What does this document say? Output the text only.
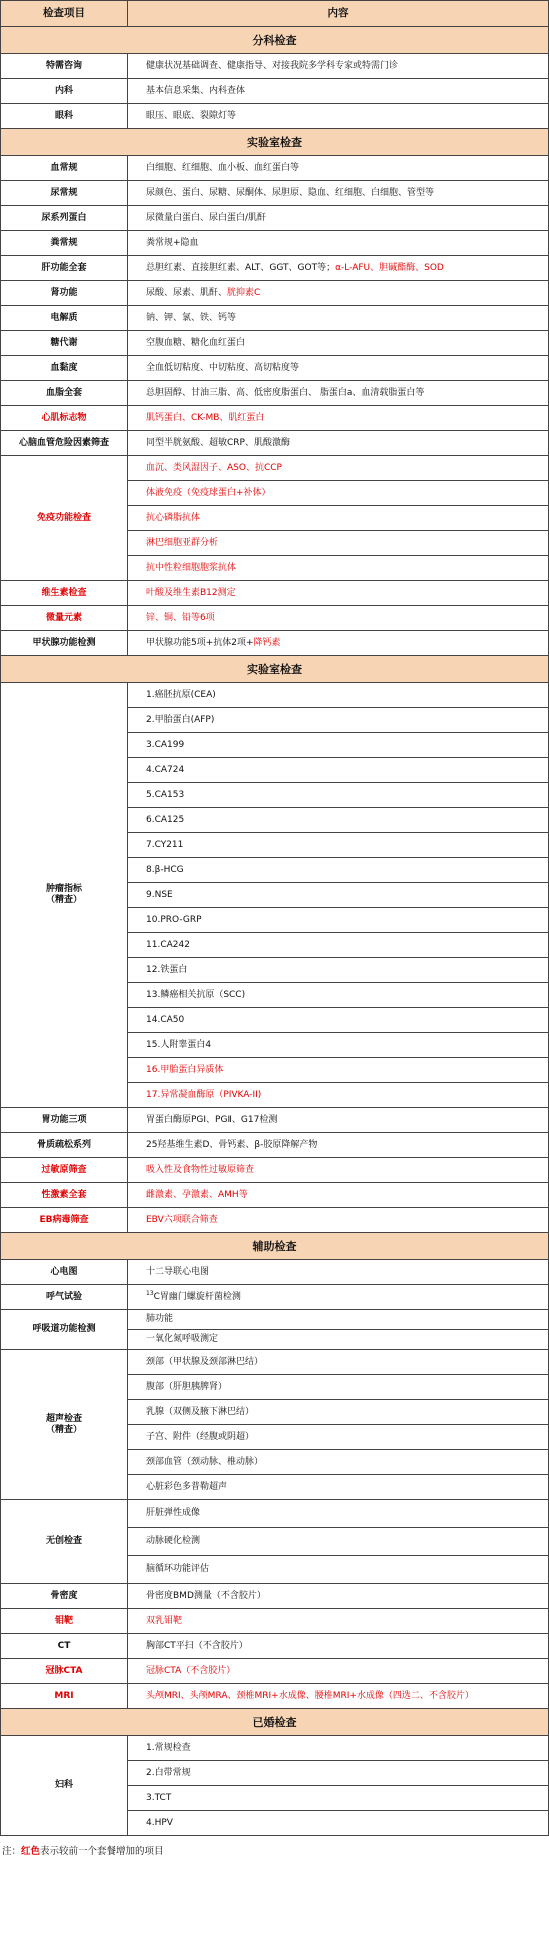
检查项目	内容
分科检查	
特需咨询	健康状况基础调查、健康指导、对接我院多学科专家或特需门诊
内科	基本信息采集、内科查体
眼科	眼压、眼底、裂隙灯等
实验室检查	
血常规	白细胞、红细胞、血小板、血红蛋白等
尿常规	尿颜色、蛋白、尿糖、尿酮体、尿胆原、隐血、红细胞、白细胞、管型等
尿系列蛋白	尿微量白蛋白、尿白蛋白/肌酐
粪常规	粪常规+隐血
肝功能全套	总胆红素、直接胆红素、ALT、GGT、GOT等；α-L-AFU、胆碱酯酶、SOD
肾功能	尿酸、尿素、肌酐、胱抑素C
电解质	钠、钾、氯、铁、钙等
糖代谢	空腹血糖、糖化血红蛋白
血黏度	全血低切粘度、中切粘度、高切粘度等
血脂全套	总胆固醇、甘油三脂、高、低密度脂蛋白、 脂蛋白a、血清载脂蛋白等
心肌标志物	肌钙蛋白、CK-MB、肌红蛋白
心脑血管危险因素筛查	同型半胱氨酸、超敏CRP、肌酸激酶
免疫功能检查	血沉、类风湿因子、ASO、抗CCP
	体液免疫（免疫球蛋白+补体）
	抗心磷脂抗体
	淋巴细胞亚群分析
	抗中性粒细胞胞浆抗体
维生素检查	叶酸及维生素B12测定
微量元素	锌、铜、铅等6项
甲状腺功能检测	甲状腺功能5项+抗体2项+降钙素
实验室检查	

肿瘤指标
（精查）	1.癌胚抗原(CEA)
	2.甲胎蛋白(AFP)
	3.CA199
	4.CA724
	5.CA153
	6.CA125
	7.CY211
	8.β-HCG
	9.NSE
	10.PRO-GRP
	11.CA242
	12.铁蛋白
	13.鳞癌相关抗原（SCC)
	14.CA50
	15.人附睾蛋白4
	16.甲胎蛋白异质体
	17.异常凝血酶原（PIVKA-II)
胃功能三项	胃蛋白酶原PGⅠ、PGⅡ、G17检测
骨质疏松系列	25羟基维生素D、骨钙素、β-胶原降解产物
过敏原筛查	吸入性及食物性过敏原筛查
性激素全套	雌激素、孕激素、AMH等
EB病毒筛查	EBV六项联合筛查
辅助检查	
心电图	十二导联心电图
呼气试验	$^{13}$C胃幽门螺旋杆菌检测
呼吸道功能检测	肺功能
	一氧化氮呼吸测定

超声检查
（精查）	颈部（甲状腺及颈部淋巴结）
	腹部（肝胆胰脾肾）
	乳腺（双侧及腋下淋巴结）
	子宫、附件（经腹或阴超）
	颈部血管（颈动脉、椎动脉）
	心脏彩色多普勒超声
无创检查	肝脏弹性成像
	动脉硬化检测
	脑循环功能评估
骨密度	骨密度BMD测量（不含胶片）
钼靶	双乳钼靶
CT	胸部CT平扫（不含胶片）
冠脉CTA	冠脉CTA（不含胶片）
MRI	头颅MRI、头颅MRA、颈椎MRI+水成像、腰椎MRI+水成像（四选二、不含胶片）
已婚检查	
妇科	1.常规检查
	2.白带常规
	3.TCT
	4.HPV
注：红色表示较前一个套餐增加的项目
